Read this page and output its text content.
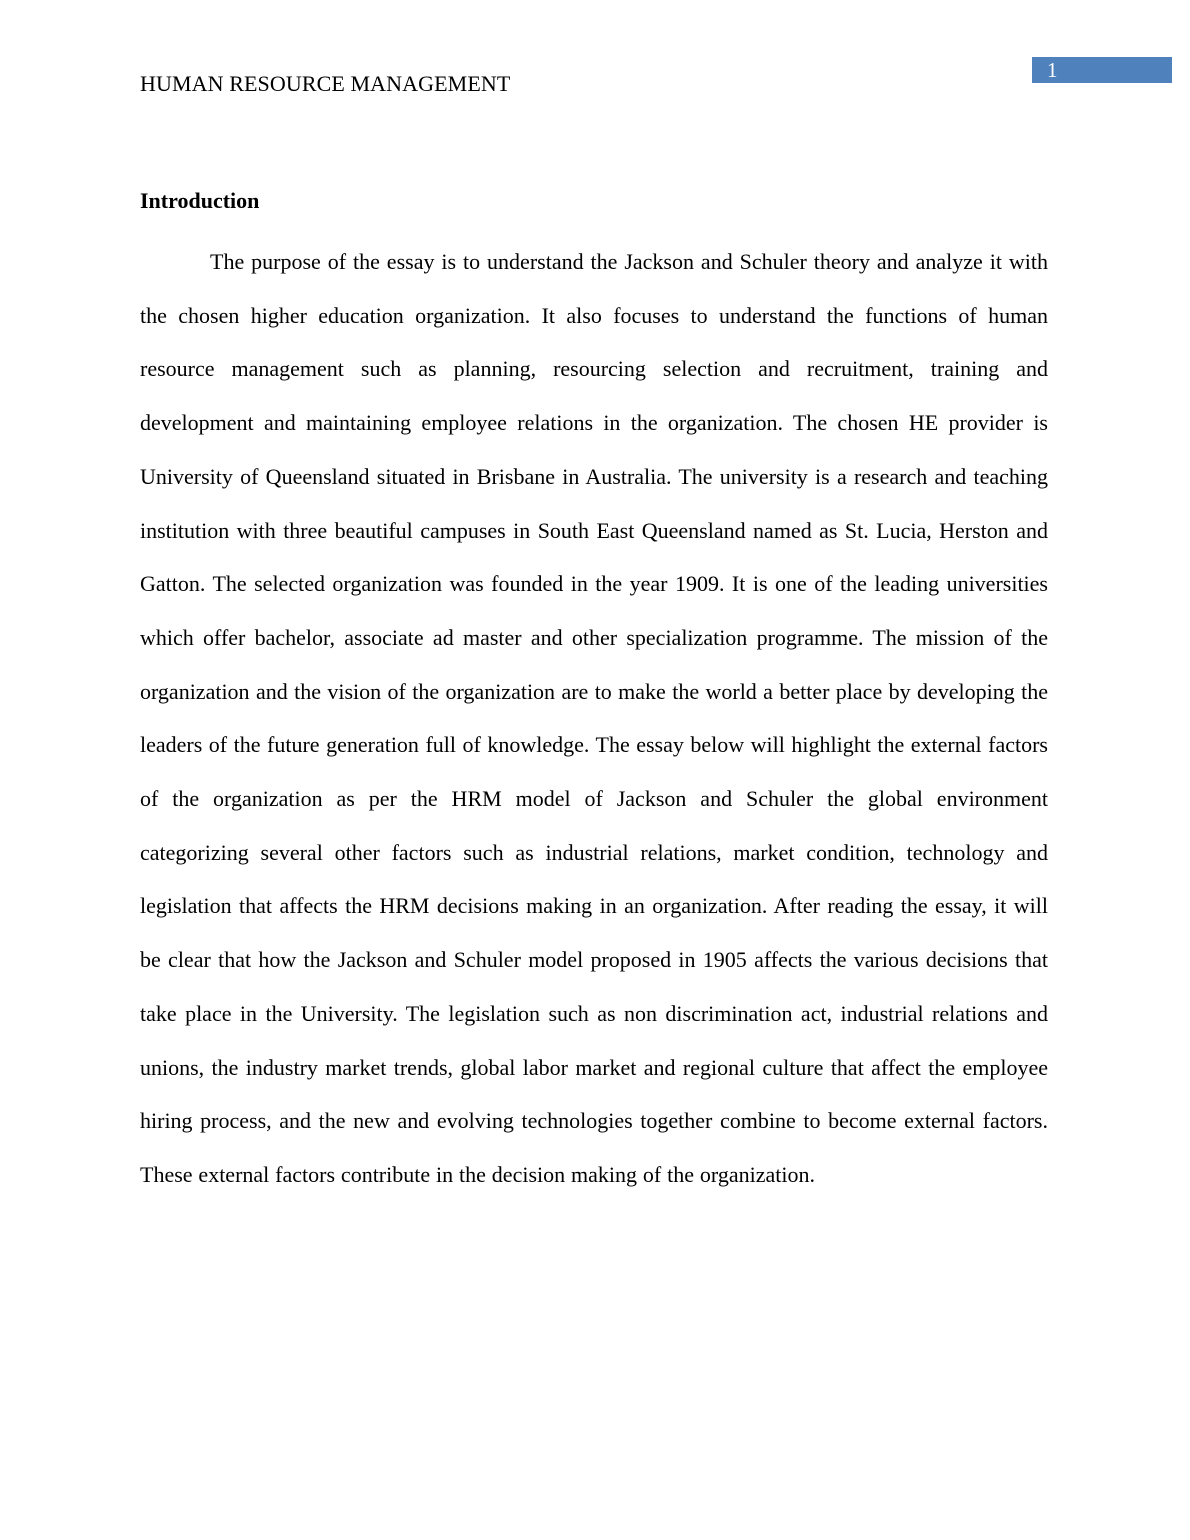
HUMAN RESOURCE MANAGEMENT
1
Introduction

The purpose of the essay is to understand the Jackson and Schuler theory and analyze it with the chosen higher education organization. It also focuses to understand the functions of human resource management such as planning, resourcing selection and recruitment, training and development and maintaining employee relations in the organization. The chosen HE provider is University of Queensland situated in Brisbane in Australia. The university is a research and teaching institution with three beautiful campuses in South East Queensland named as St. Lucia, Herston and Gatton. The selected organization was founded in the year 1909. It is one of the leading universities which offer bachelor, associate ad master and other specialization programme. The mission of the organization and the vision of the organization are to make the world a better place by developing the leaders of the future generation full of knowledge. The essay below will highlight the external factors of the organization as per the HRM model of Jackson and Schuler the global environment categorizing several other factors such as industrial relations, market condition, technology and legislation that affects the HRM decisions making in an organization. After reading the essay, it will be clear that how the Jackson and Schuler model proposed in 1905 affects the various decisions that take place in the University. The legislation such as non discrimination act, industrial relations and unions, the industry market trends, global labor market and regional culture that affect the employee hiring process, and the new and evolving technologies together combine to become external factors. These external factors contribute in the decision making of the organization.
